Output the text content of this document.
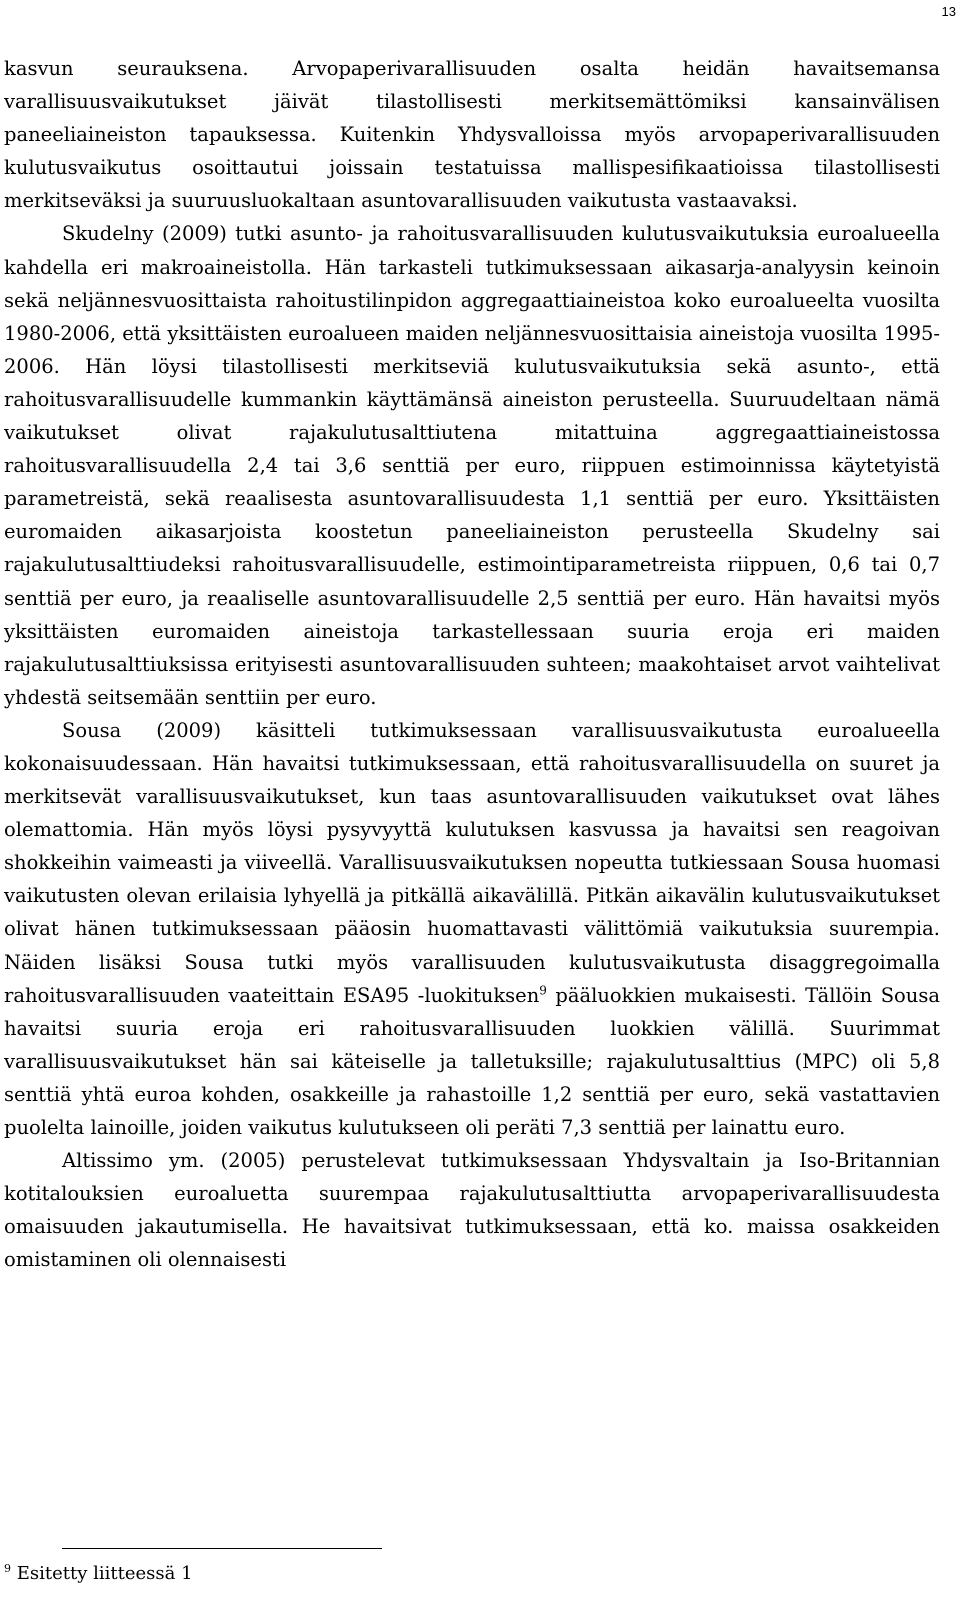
13

kasvun seurauksena. Arvopaperivarallisuuden osalta heidän havaitsemansa varallisuusvaikutukset jäivät tilastollisesti merkitsemättömiksi kansainvälisen paneeliaineiston tapauksessa. Kuitenkin Yhdysvalloissa myös arvopaperivarallisuuden kulutusvaikutus osoittautui joissain testatuissa mallispesifikaatioissa tilastollisesti merkitseväksi ja suuruusluokaltaan asuntovarallisuuden vaikutusta vastaavaksi.

Skudelny (2009) tutki asunto- ja rahoitusvarallisuuden kulutusvaikutuksia euroalueella kahdella eri makroaineistolla. Hän tarkasteli tutkimuksessaan aikasarja-analyysin keinoin sekä neljännesvuosittaista rahoitustilinpidon aggregaattiaineistoa koko euroalueelta vuosilta 1980-2006, että yksittäisten euroalueen maiden neljännesvuosittaisia aineistoja vuosilta 1995-2006. Hän löysi tilastollisesti merkitseviä kulutusvaikutuksia sekä asunto-, että rahoitusvarallisuudelle kummankin käyttämänsä aineiston perusteella. Suuruudeltaan nämä vaikutukset olivat rajakulutusalttiutena mitattuina aggregaattiaineistossa rahoitusvarallisuudella 2,4 tai 3,6 senttiä per euro, riippuen estimoinnissa käytetyistä parametreistä, sekä reaalisesta asuntovarallisuudesta 1,1 senttiä per euro. Yksittäisten euromaiden aikasarjoista koostetun paneeliaineiston perusteella Skudelny sai rajakulutusalttiudeksi rahoitusvarallisuudelle, estimointiparametreista riippuen, 0,6 tai 0,7 senttiä per euro, ja reaaliselle asuntovarallisuudelle 2,5 senttiä per euro. Hän havaitsi myös yksittäisten euromaiden aineistoja tarkastellessaan suuria eroja eri maiden rajakulutusalttiuksissa erityisesti asuntovarallisuuden suhteen; maakohtaiset arvot vaihtelivat yhdestä seitsemään senttiin per euro.

Sousa (2009) käsitteli tutkimuksessaan varallisuusvaikutusta euroalueella kokonaisuudessaan. Hän havaitsi tutkimuksessaan, että rahoitusvarallisuudella on suuret ja merkitsevät varallisuusvaikutukset, kun taas asuntovarallisuuden vaikutukset ovat lähes olemattomia. Hän myös löysi pysyvyyttä kulutuksen kasvussa ja havaitsi sen reagoivan shokkeihin vaimeasti ja viiveellä. Varallisuusvaikutuksen nopeutta tutkiessaan Sousa huomasi vaikutusten olevan erilaisia lyhyellä ja pitkällä aikavälillä. Pitkän aikavälin kulutusvaikutukset olivat hänen tutkimuksessaan pääosin huomattavasti välittömiä vaikutuksia suurempia. Näiden lisäksi Sousa tutki myös varallisuuden kulutusvaikutusta disaggregoimalla rahoitusvarallisuuden vaateittain ESA95 -luokituksen$^9$ pääluokkien mukaisesti. Tällöin Sousa havaitsi suuria eroja eri rahoitusvarallisuuden luokkien välillä. Suurimmat varallisuusvaikutukset hän sai käteiselle ja talletuksille; rajakulutusalttius (MPC) oli 5,8 senttiä yhtä euroa kohden, osakkeille ja rahastoille 1,2 senttiä per euro, sekä vastattavien puolelta lainoille, joiden vaikutus kulutukseen oli peräti 7,3 senttiä per lainattu euro.

Altissimo ym. (2005) perustelevat tutkimuksessaan Yhdysvaltain ja Iso-Britannian kotitalouksien euroaluetta suurempaa rajakulutusalttiutta arvopaperivarallisuudesta omaisuuden jakautumisella. He havaitsivat tutkimuksessaan, että ko. maissa osakkeiden omistaminen oli olennaisesti

$^9$ Esitetty liitteessä 1
